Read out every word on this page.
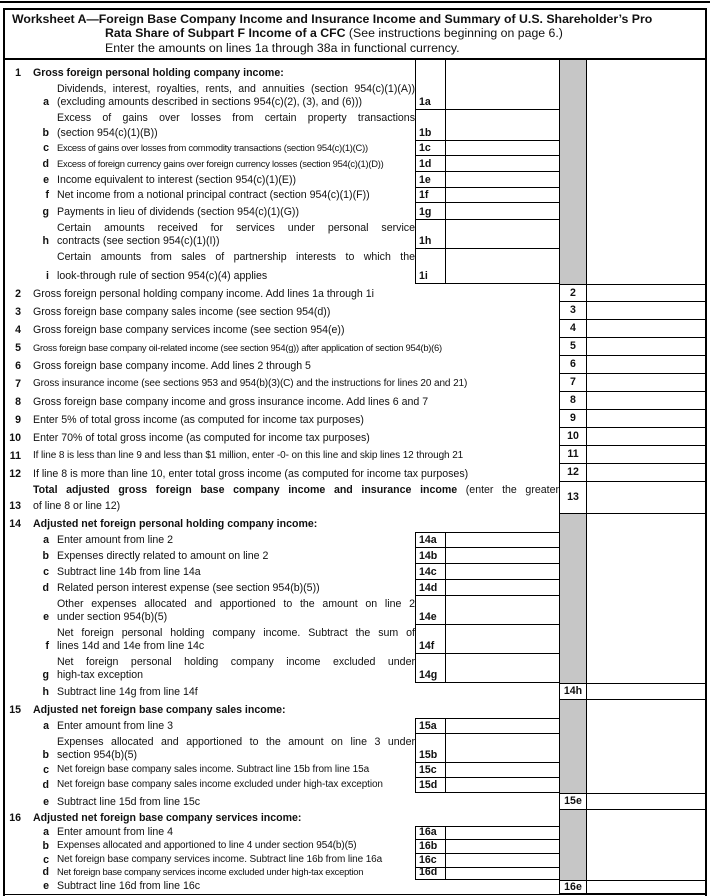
Worksheet A—Foreign Base Company Income and Insurance Income and Summary of U.S. Shareholder’s Pro
Rata Share of Subpart F Income of a CFC (See instructions beginning on page 6.)
Enter the amounts on lines 1a through 38a in functional currency.
1 Gross foreign personal holding company income:
a
Dividends, interest, royalties, rents, and annuities (section 954(c)(1)(A))
(excluding amounts described in sections 954(c)(2), (3), and (6)))	1a
b
Excess of gains over losses from certain property transactions
(section 954(c)(1)(B))	1b
c Excess of gains over losses from commodity transactions (section 954(c)(1)(C))	1c
d Excess of foreign currency gains over foreign currency losses (section 954(c)(1)(D))	1d
e Income equivalent to interest (section 954(c)(1)(E))	1e
f Net income from a notional principal contract (section 954(c)(1)(F))	1f
g Payments in lieu of dividends (section 954(c)(1)(G))	1g
h
Certain amounts received for services under personal service
contracts (see section 954(c)(1)(I))	1h
i
Certain amounts from sales of partnership interests to which the
look-through rule of section 954(c)(4) applies	1i
2 Gross foreign personal holding company income. Add lines 1a through 1i	2
3 Gross foreign base company sales income (see section 954(d))	3
4 Gross foreign base company services income (see section 954(e))	4
5 Gross foreign base company oil-related income (see section 954(g)) after application of section 954(b)(6)	5
6 Gross foreign base company income. Add lines 2 through 5	6
7 Gross insurance income (see sections 953 and 954(b)(3)(C) and the instructions for lines 20 and 21)	7
8 Gross foreign base company income and gross insurance income. Add lines 6 and 7	8
9 Enter 5% of total gross income (as computed for income tax purposes)	9
10 Enter 70% of total gross income (as computed for income tax purposes)	10
11 If line 8 is less than line 9 and less than $1 million, enter -0- on this line and skip lines 12 through 21	11
12 If line 8 is more than line 10, enter total gross income (as computed for income tax purposes)	12
13
Total adjusted gross foreign base company income and insurance income (enter the greater
of line 8 or line 12)
13
14 Adjusted net foreign personal holding company income:
a Enter amount from line 2	14a
b Expenses directly related to amount on line 2	14b
c Subtract line 14b from line 14a	14c
d Related person interest expense (see section 954(b)(5))	14d
e
Other expenses allocated and apportioned to the amount on line 2
under section 954(b)(5)	14e
f
Net foreign personal holding company income. Subtract the sum of
lines 14d and 14e from line 14c	14f
g
Net foreign personal holding company income excluded under
high-tax exception	14g
h Subtract line 14g from line 14f	14h
15 Adjusted net foreign base company sales income:
a Enter amount from line 3	15a
b
Expenses allocated and apportioned to the amount on line 3 under
section 954(b)(5)	15b
c Net foreign base company sales income. Subtract line 15b from line 15a	15c
d Net foreign base company sales income excluded under high-tax exception	15d
e Subtract line 15d from line 15c	15e
16 Adjusted net foreign base company services income:
a Enter amount from line 4	16a
b Expenses allocated and apportioned to line 4 under section 954(b)(5)	16b
c Net foreign base company services income. Subtract line 16b from line 16a	16c
d Net foreign base company services income excluded under high-tax exception	16d
e Subtract line 16d from line 16c	16e
